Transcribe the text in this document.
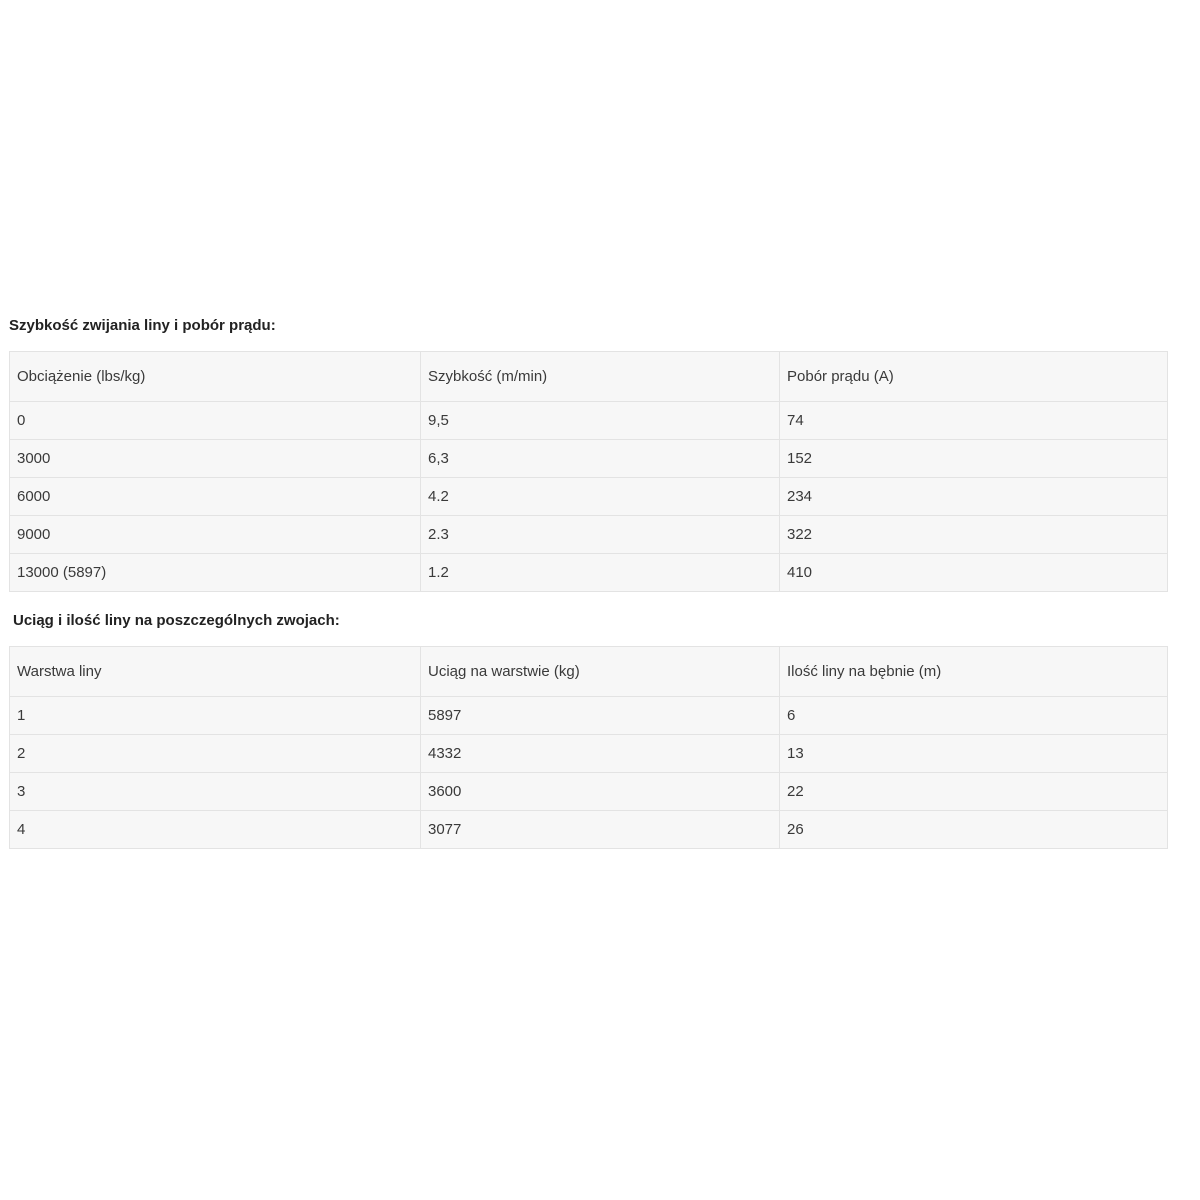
Szybkość zwijania liny i pobór prądu:
Obciążenie (lbs/kg)	Szybkość (m/min)	Pobór prądu (A)
0	9,5	74
3000	6,3	152
6000	4.2	234
9000	2.3	322
13000 (5897)	1.2	410
Uciąg i ilość liny na poszczególnych zwojach:
Warstwa liny	Uciąg na warstwie (kg)	Ilość liny na bębnie (m)
1	5897	6
2	4332	13
3	3600	22
4	3077	26
